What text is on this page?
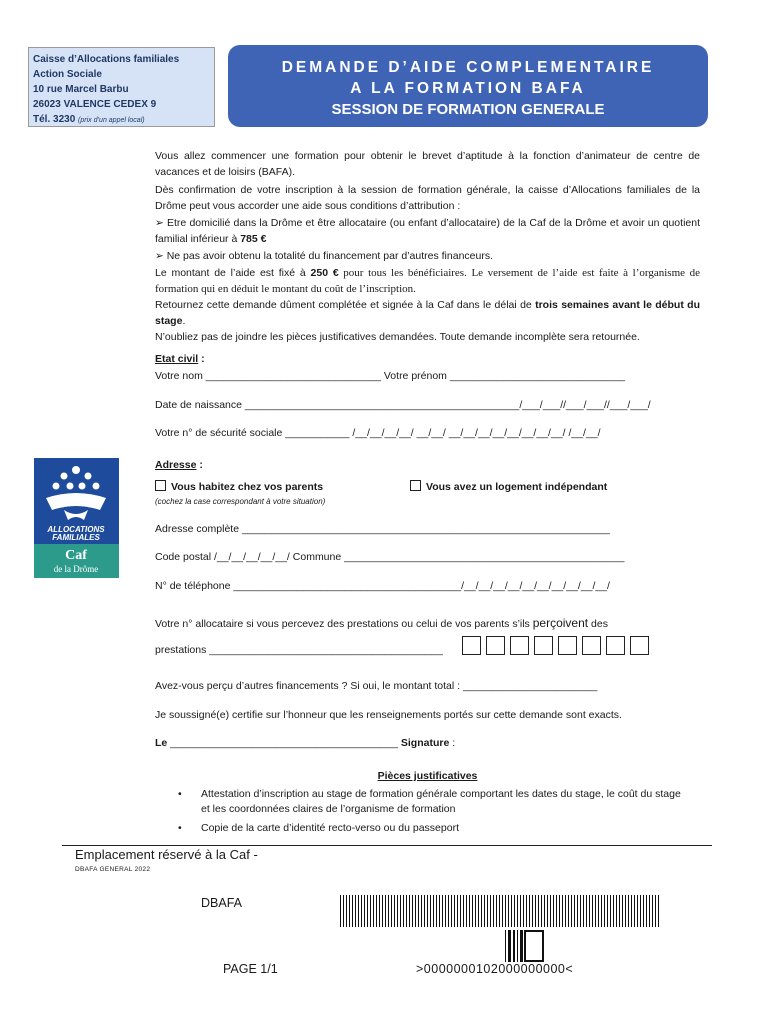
Caisse d’Allocations familiales
Action Sociale
10 rue Marcel Barbu
26023 VALENCE CEDEX 9
Tél. 3230 (prix d’un appel local)
DEMANDE D’AIDE COMPLEMENTAIRE
A LA FORMATION BAFA
SESSION DE FORMATION GENERALE

Vous allez commencer une formation pour obtenir le brevet d’aptitude à la fonction d’animateur de centre de vacances et de loisirs (BAFA).

Dès confirmation de votre inscription à la session de formation générale, la caisse d’Allocations familiales de la Drôme peut vous accorder une aide sous conditions d’attribution :

➢ Etre domicilié dans la Drôme et être allocataire (ou enfant d’allocataire) de la Caf de la Drôme et avoir un quotient familial inférieur à 785 €

➢ Ne pas avoir obtenu la totalité du financement par d’autres financeurs.

Le montant de l’aide est fixé à 250 € pour tous les bénéficiaires. Le versement de l’aide est faite à l’organisme de formation qui en déduit le montant du coût de l’inscription.

Retournez cette demande dûment complétée et signée à la Caf dans le délai de trois semaines avant le début du stage.

N’oubliez pas de joindre les pièces justificatives demandées. Toute demande incomplète sera retournée.

Etat civil :
Votre nom ______________________________ Votre prénom ______________________________
Date de naissance _______________________________________________/___/___//___/___//___/___/
Votre n° de sécurité sociale ___________ /__/__/__/__/ __/__/ __/__/__/__/__/__/__/__/ /__/__/
ALLOCATIONS
FAMILIALES
Caf
de la Drôme
Adresse :
Vous habitez chez vos parents	Vous avez un logement indépendant
(cochez la case correspondant à votre situation)
Adresse complète _______________________________________________________________
Code postal /__/__/__/__/__/ Commune ________________________________________________
N° de téléphone _______________________________________/__/__/__/__/__/__/__/__/__/__/
Votre n° allocataire si vous percevez des prestations ou celui de vos parents s’ils perçoivent des
prestations ________________________________________
Avez-vous perçu d’autres financements ? Si oui, le montant total : _______________________
Je soussigné(e) certifie sur l’honneur que les renseignements portés sur cette demande sont exacts.
Le _______________________________________ Signature :
Pièces justificatives
• Attestation d’inscription au stage de formation générale comportant les dates du stage, le coût du stage et les coordonnées claires de l’organisme de formation
• Copie de la carte d’identité recto-verso ou du passeport
Emplacement réservé à la Caf -
DBAFA GENERAL 2022
DBAFA
PAGE 1/1	>0000000102000000000<
